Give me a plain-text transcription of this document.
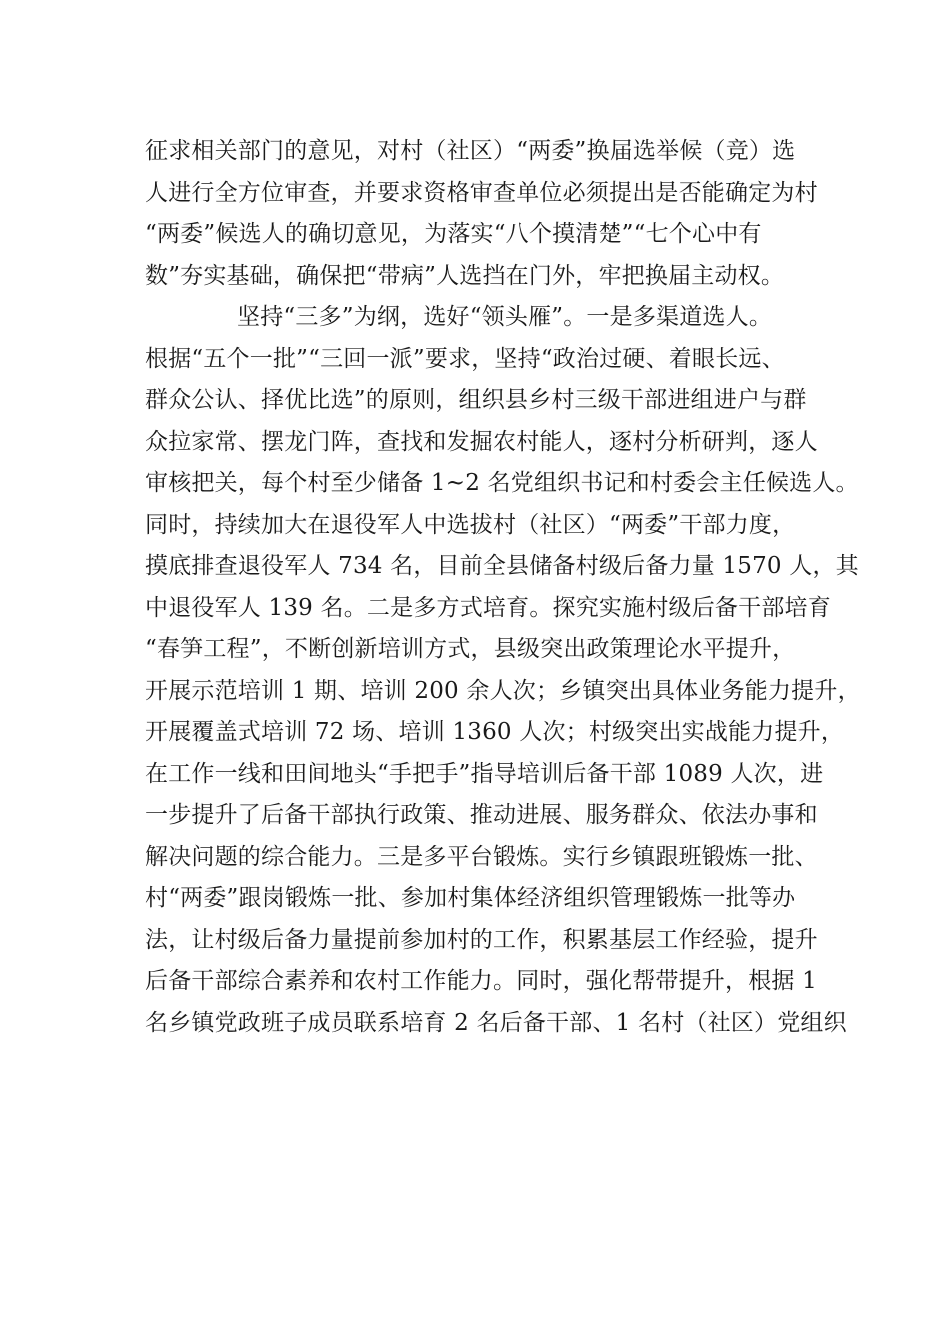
征求相关部门的意见，对村（社区）“两委”换届选举候（竞）选
人进行全方位审查，并要求资格审查单位必须提出是否能确定为村
“两委”候选人的确切意见，为落实“八个摸清楚”“七个心中有
数”夯实基础，确保把“带病”人选挡在门外，牢把换届主动权。
坚持“三多”为纲，选好“领头雁”。一是多渠道选人。
根据“五个一批”“三回一派”要求，坚持“政治过硬、着眼长远、
群众公认、择优比选”的原则，组织县乡村三级干部进组进户与群
众拉家常、摆龙门阵，查找和发掘农村能人，逐村分析研判，逐人
审核把关，每个村至少储备 1~2 名党组织书记和村委会主任候选人。
同时，持续加大在退役军人中选拔村（社区）“两委”干部力度，
摸底排查退役军人 734 名，目前全县储备村级后备力量 1570 人，其
中退役军人 139 名。二是多方式培育。探究实施村级后备干部培育
“春笋工程”，不断创新培训方式，县级突出政策理论水平提升，
开展示范培训 1 期、培训 200 余人次；乡镇突出具体业务能力提升，
开展覆盖式培训 72 场、培训 1360 人次；村级突出实战能力提升，
在工作一线和田间地头“手把手”指导培训后备干部 1089 人次，进
一步提升了后备干部执行政策、推动进展、服务群众、依法办事和
解决问题的综合能力。三是多平台锻炼。实行乡镇跟班锻炼一批、
村“两委”跟岗锻炼一批、参加村集体经济组织管理锻炼一批等办
法，让村级后备力量提前参加村的工作，积累基层工作经验，提升
后备干部综合素养和农村工作能力。同时，强化帮带提升，根据 1
名乡镇党政班子成员联系培育 2 名后备干部、1 名村（社区）党组织
